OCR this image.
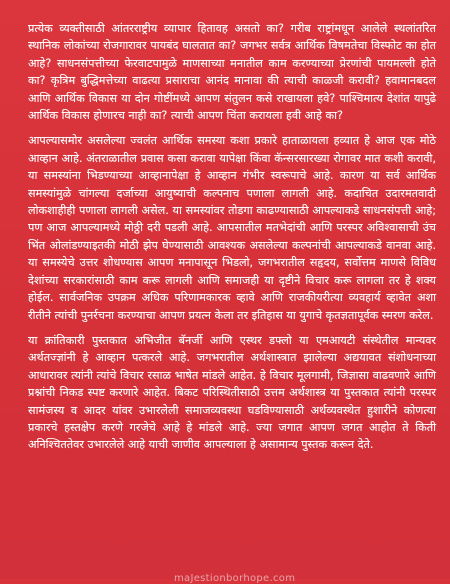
प्रत्येक व्यक्तीसाठी आंतरराष्ट्रीय व्यापार हितावह असतो का? गरीब राष्ट्रांमधून आलेले स्थलांतरित स्थानिक लोकांच्या रोजगारावर पायबंद घालतात का? जगभर सर्वत्र आर्थिक विषमतेचा विस्फोट का होत आहे? साधनसंपत्तीच्या फेरवाटपामुळे माणसाच्या मनातील काम करण्याच्या प्रेरणांची पायमल्ली होते का? कृत्रिम बुद्धिमत्तेच्या वाढत्या प्रसाराचा आनंद मानावा की त्याची काळजी करावी? हवामानबदल आणि आर्थिक विकास या दोन गोष्टींमध्ये आपण संतुलन कसे राखायला हवे? पाश्चिमात्य देशांत यापुढे आर्थिक विकास होणारच नाही का? त्याची आपण चिंता करायला हवी आहे का?

आपल्यासमोर असलेल्या ज्वलंत आर्थिक समस्या कशा प्रकारे हाताळायला हव्यात हे आज एक मोठे आव्हान आहे. अंतराळातील प्रवास कसा करावा यापेक्षा किंवा कॅन्सरसारख्या रोगावर मात कशी करावी, या समस्यांना भिडण्याच्या आव्हानापेक्षा हे आव्हान गंभीर स्वरूपाचे आहे. कारण या सर्व आर्थिक समस्यांमुळे चांगल्या दर्जाच्या आयुष्याची कल्पनाच पणाला लागली आहे. कदाचित उदारमतवादी लोकशाहीही पणाला लागली असेल. या समस्यांवर तोडगा काढण्यासाठी आपल्याकडे साधनसंपत्ती आहे; पण आज आपल्यामध्ये मोठ्ठी दरी पडली आहे. आपसातील मतभेदांची आणि परस्पर अविश्वासाची उंच भिंत ओलांडण्याइतकी मोठी झेप घेण्यासाठी आवश्यक असलेल्या कल्पनांची आपल्याकडे वानवा आहे. या समस्येचे उत्तर शोधण्यास आपण मनापासून भिडलो, जगभरातील सहृदय, सर्वोत्तम माणसे विविध देशांच्या सरकारांसाठी काम करू लागली आणि समाजही या दृष्टीने विचार करू लागला तर हे शक्य होईल. सार्वजनिक उपक्रम अधिक परिणामकारक व्हावे आणि राजकीयरीत्या व्यवहार्य व्हावेत अशा रीतीने त्यांची पुनर्रचना करण्याचा आपण प्रयत्न केला तर इतिहास या युगाचे कृतज्ञतापूर्वक स्मरण करेल.

या क्रांतिकारी पुस्तकात अभिजीत बॅनर्जी आणि एस्थर डफ्लो या एमआयटी संस्थेतील मान्यवर अर्थतज्ज्ञांनी हे आव्हान पत्करले आहे. जगभरातील अर्थशास्त्रात झालेल्या अद्ययावत संशोधनाच्या आधारावर त्यांनी त्यांचे विचार रसाळ भाषेत मांडले आहेत. हे विचार मूलगामी, जिज्ञासा वाढवणारे आणि प्रश्नांची निकड स्पष्ट करणारे आहेत. बिकट परिस्थितीसाठी उत्तम अर्थशास्त्र या पुस्तकात त्यांनी परस्पर सामंजस्य व आदर यांवर उभारलेली समाजव्यवस्था घडविण्यासाठी अर्थव्यवस्थेत हुशारीने कोणत्या प्रकारचे हस्तक्षेप करणे गरजेचे आहे हे मांडले आहे. ज्या जगात आपण जगत आहोत ते किती अनिश्चिततेवर उभारलेले आहे याची जाणीव आपल्याला हे असामान्य पुस्तक करून देते.

maJestionborhope.com
